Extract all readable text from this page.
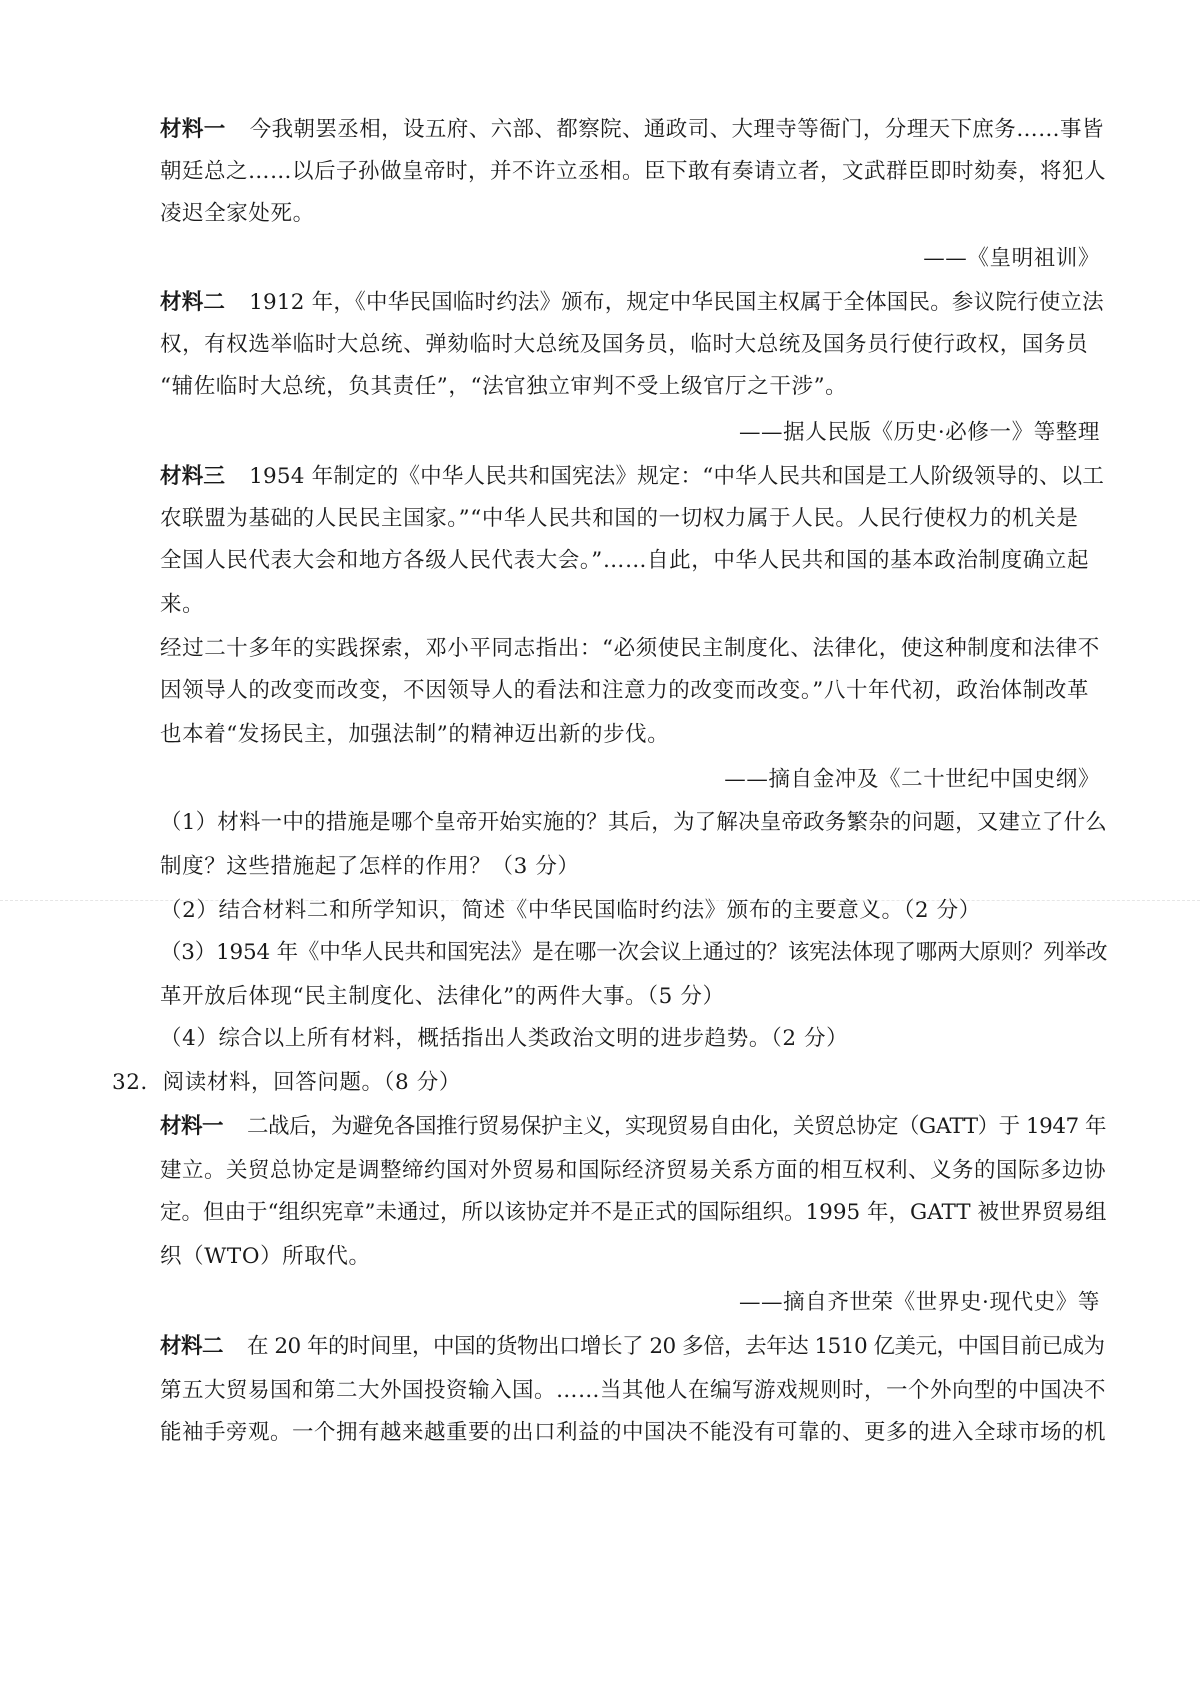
材料一 今我朝罢丞相，设五府、六部、都察院、通政司、大理寺等衙门，分理天下庶务……事皆
朝廷总之……以后子孙做皇帝时，并不许立丞相。臣下敢有奏请立者，文武群臣即时劾奏，将犯人
凌迟全家处死。
——《皇明祖训》
材料二 1912 年，《中华民国临时约法》颁布，规定中华民国主权属于全体国民。参议院行使立法
权，有权选举临时大总统、弹劾临时大总统及国务员，临时大总统及国务员行使行政权，国务员
“辅佐临时大总统，负其责任”，“法官独立审判不受上级官厅之干涉”。
——据人民版《历史·必修一》等整理
材料三 1954 年制定的《中华人民共和国宪法》规定：“中华人民共和国是工人阶级领导的、以工
农联盟为基础的人民民主国家。”“中华人民共和国的一切权力属于人民。人民行使权力的机关是
全国人民代表大会和地方各级人民代表大会。”……自此，中华人民共和国的基本政治制度确立起
来。
经过二十多年的实践探索，邓小平同志指出：“必须使民主制度化、法律化，使这种制度和法律不
因领导人的改变而改变，不因领导人的看法和注意力的改变而改变。”八十年代初，政治体制改革
也本着“发扬民主，加强法制”的精神迈出新的步伐。
——摘自金冲及《二十世纪中国史纲》
（1）材料一中的措施是哪个皇帝开始实施的？其后，为了解决皇帝政务繁杂的问题，又建立了什么
制度？这些措施起了怎样的作用？（3 分）
（2）结合材料二和所学知识，简述《中华民国临时约法》颁布的主要意义。（2 分）
（3）1954 年《中华人民共和国宪法》是在哪一次会议上通过的？该宪法体现了哪两大原则？列举改
革开放后体现“民主制度化、法律化”的两件大事。（5 分）
（4）综合以上所有材料，概括指出人类政治文明的进步趋势。（2 分）
32．阅读材料，回答问题。（8 分）
材料一 二战后，为避免各国推行贸易保护主义，实现贸易自由化，关贸总协定（GATT）于 1947 年
建立。关贸总协定是调整缔约国对外贸易和国际经济贸易关系方面的相互权利、义务的国际多边协
定。但由于“组织宪章”未通过，所以该协定并不是正式的国际组织。1995 年，GATT 被世界贸易组
织（WTO）所取代。
——摘自齐世荣《世界史·现代史》等
材料二 在 20 年的时间里，中国的货物出口增长了 20 多倍，去年达 1510 亿美元，中国目前已成为
第五大贸易国和第二大外国投资输入国。……当其他人在编写游戏规则时，一个外向型的中国决不
能袖手旁观。一个拥有越来越重要的出口利益的中国决不能没有可靠的、更多的进入全球市场的机
